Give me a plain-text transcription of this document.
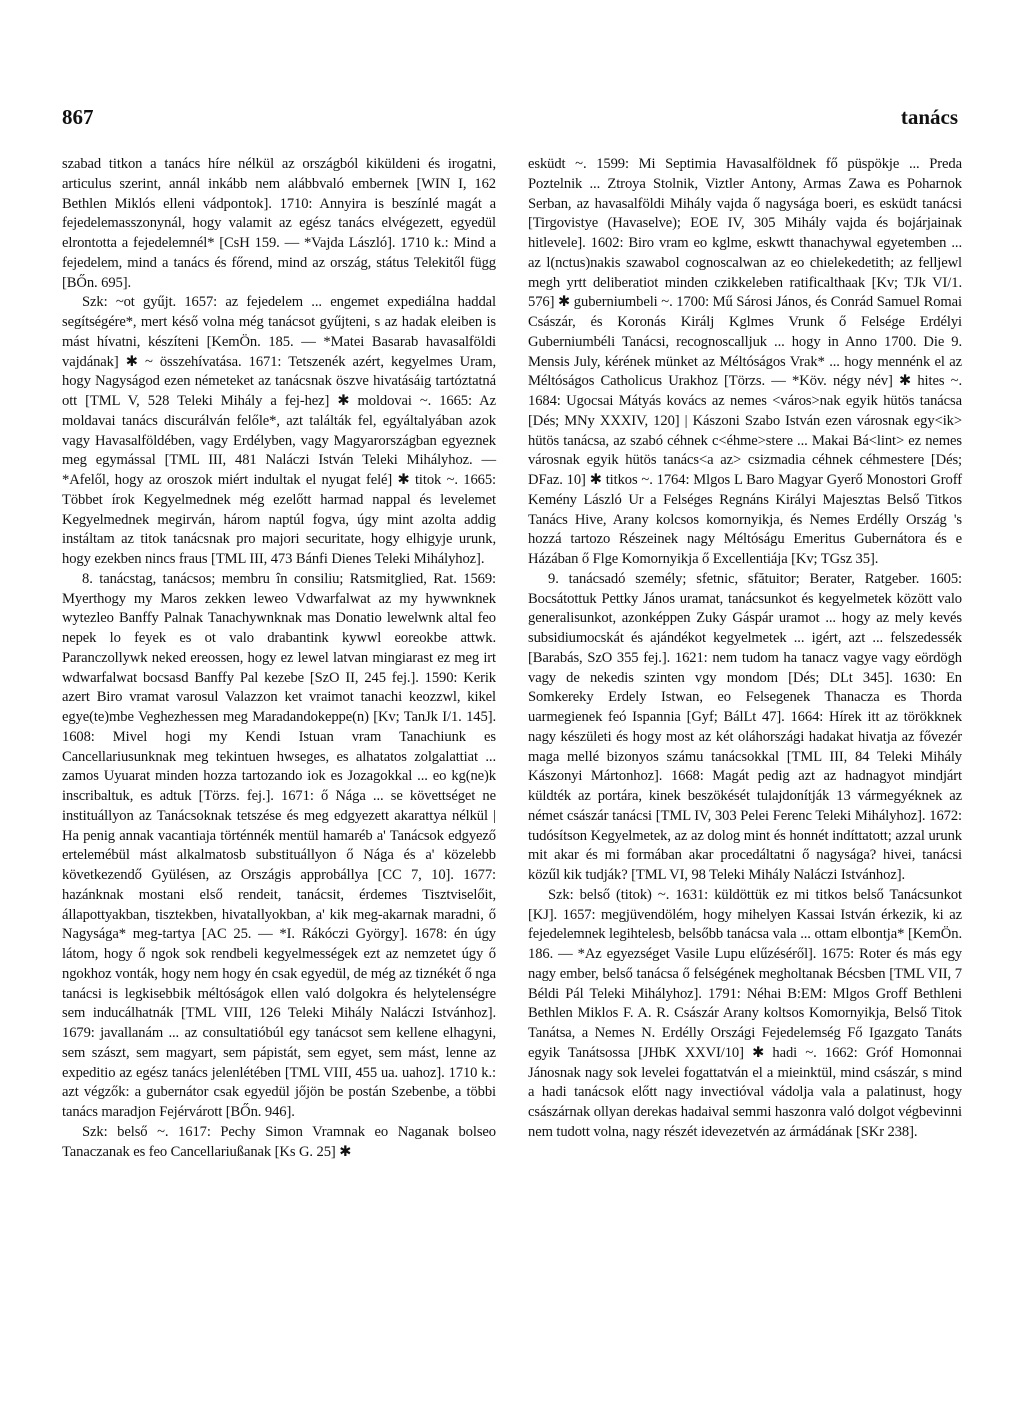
867	tanács

szabad titkon a tanács híre nélkül az országból kiküldeni és irogatni, articulus szerint, annál inkább nem alábbvaló embernek [WIN I, 162 Bethlen Miklós elleni vádpontok]. 1710: Annyira is beszínlé magát a fejedelemasszonynál, hogy valamit az egész tanács elvégezett, egyedül elrontotta a fejedelemnél* [CsH 159. — *Vajda László]. 1710 k.: Mind a fejedelem, mind a tanács és főrend, mind az ország, státus Telekitől függ [BŐn. 695].

Szk: ~ot gyűjt. 1657: az fejedelem ... engemet expediálna haddal segítségére*, mert késő volna még tanácsot gyűjteni, s az hadak eleiben is mást hívatni, készíteni [KemÖn. 185. — *Matei Basarab havasalföldi vajdának] ✱ ~ összehívatása. 1671: Tetszenék azért, kegyelmes Uram, hogy Nagyságod ezen németeket az tanácsnak öszve hivatásáig tartóztatná ott [TML V, 528 Teleki Mihály a fej-hez] ✱ moldovai ~. 1665: Az moldavai tanács discurálván felőle*, azt találták fel, egyáltalyában azok vagy Havasalföldében, vagy Erdélyben, vagy Magyarországban egyeznek meg egymással [TML III, 481 Naláczi István Teleki Mihályhoz. — *Afelől, hogy az oroszok miért indultak el nyugat felé] ✱ titok ~. 1665: Többet írok Kegyelmednek még ezelőtt harmad nappal és levelemet Kegyelmednek megirván, három naptúl fogva, úgy mint azolta addig instáltam az titok tanácsnak pro majori securitate, hogy elhigyje urunk, hogy ezekben nincs fraus [TML III, 473 Bánfi Dienes Teleki Mihályhoz].

8. tanácstag, tanácsos; membru în consiliu; Ratsmitglied, Rat. 1569: Myerthogy my Maros zekken leweo Vdwarfalwat az my hywwnknek wytezleo Banffy Palnak Tanachywnknak mas Donatio lewelwnk altal feo nepek lo feyek es ot valo drabantink kywwl eoreokbe attwk. Paranczollywk neked ereossen, hogy ez lewel latvan mingiarast ez meg irt wdwarfalwat bocsasd Banffy Pal kezebe [SzO II, 245 fej.]. 1590: Kerik azert Biro vramat varosul Valazzon ket vraimot tanachi keozzwl, kikel egye(te)mbe Veghezhessen meg Maradandokeppe(n) [Kv; TanJk I/1. 145]. 1608: Mivel hogi my Kendi Istuan vram Tanachiunk es Cancellariusunknak meg tekintuen hwseges, es alhatatos zolgalattiat ... zamos Uyuarat minden hozza tartozando iok es Jozagokkal ... eo kg(ne)k inscribaltuk, es adtuk [Törzs. fej.]. 1671: ő Nága ... se követtséget ne instituállyon az Tanácsoknak tetszése és meg edgyezett akarattya nélkül | Ha penig annak vacantiaja történnék mentül hamaréb a' Tanácsok edgyező ertelemébül mást alkalmatosb substituállyon ő Nága és a' közelebb következendő Gyülésen, az Országis approbállya [CC 7, 10]. 1677: hazánknak mostani első rendeit, tanácsit, érdemes Tisztviselőit, állapottyakban, tisztekben, hivatallyokban, a' kik meg-akarnak maradni, ő Nagysága* meg-tartya [AC 25. — *I. Rákóczi György]. 1678: én úgy látom, hogy ő ngok sok rendbeli kegyelmességek ezt az nemzetet úgy ő ngokhoz vonták, hogy nem hogy én csak egyedül, de még az tiznékét ő nga tanácsi is legkisebbik méltóságok ellen való dolgokra és helytelenségre sem inducálhatnák [TML VIII, 126 Teleki Mihály Naláczi Istvánhoz]. 1679: javallanám ... az consultatióbúl egy tanácsot sem kellene elhagyni, sem szászt, sem magyart, sem pápistát, sem egyet, sem mást, lenne az expeditio az egész tanács jelenlétében [TML VIII, 455 ua. uahoz]. 1710 k.: azt végzők: a gubernátor csak egyedül jőjön be postán Szebenbe, a többi tanács maradjon Fejérvárott [BŐn. 946].

Szk: belső ~. 1617: Pechy Simon Vramnak eo Naganak bolseo Tanaczanak es feo Cancellariußanak [Ks G. 25] ✱

esküdt ~. 1599: Mi Septimia Havasalföldnek fő püspökje ... Preda Poztelnik ... Ztroya Stolnik, Viztler Antony, Armas Zawa es Poharnok Serban, az havasalföldi Mihály vajda ő nagysága boeri, es esküdt tanácsi [Tirgovistye (Havaselve); EOE IV, 305 Mihály vajda és bojárjainak hitlevele]. 1602: Biro vram eo kglme, eskwtt thanachywal egyetemben ... az l(nctus)nakis szawabol cognoscalwan az eo chielekedetith; az felljewl megh yrtt deliberatiot minden czikkeleben ratificalthaak [Kv; TJk VI/1. 576] ✱ guberniumbeli ~. 1700: Mű Sárosi János, és Conrád Samuel Romai Császár, és Koronás Királj Kglmes Vrunk ő Felsége Erdélyi Guberniumbéli Tanácsi, recognoscalljuk ... hogy in Anno 1700. Die 9. Mensis July, kérének münket az Méltóságos Vrak* ... hogy mennénk el az Méltóságos Catholicus Urakhoz [Törzs. — *Köv. négy név] ✱ hites ~. 1684: Ugocsai Mátyás kovács az nemes <város>nak egyik hütös tanácsa [Dés; MNy XXXIV, 120] | Kászoni Szabo István ezen városnak egy<ik> hütös tanácsa, az szabó céhnek c<éhme>stere ... Makai Bá<lint> ez nemes városnak egyik hütös tanács<a az> csizmadia céhnek céhmestere [Dés; DFaz. 10] ✱ titkos ~. 1764: Mlgos L Baro Magyar Gyerő Monostori Groff Kemény László Ur a Felséges Regnáns Királyi Majesztas Belső Titkos Tanács Hive, Arany kolcsos komornyikja, és Nemes Erdélly Ország 's hozzá tartozo Részeinek nagy Méltóságu Emeritus Gubernátora és e Házában ő Flge Komornyikja ő Excellentiája [Kv; TGsz 35].

9. tanácsadó személy; sfetnic, sfătuitor; Berater, Ratgeber. 1605: Bocsátottuk Pettky János uramat, tanácsunkot és kegyelmetek között valo generalisunkot, azonképpen Zuky Gáspár uramot ... hogy az mely kevés subsidiumocskát és ajándékot kegyelmetek ... igért, azt ... felszedessék [Barabás, SzO 355 fej.]. 1621: nem tudom ha tanacz vagye vagy eördögh vagy de nekedis szinten vgy mondom [Dés; DLt 345]. 1630: En Somkereky Erdely Istwan, eo Felsegenek Thanacza es Thorda uarmegienek feó Ispannia [Gyf; BálLt 47]. 1664: Hírek itt az törökknek nagy készületi és hogy most az két oláhországi hadakat hivatja az fővezér maga mellé bizonyos számu tanácsokkal [TML III, 84 Teleki Mihály Kászonyi Mártonhoz]. 1668: Magát pedig azt az hadnagyot mindjárt küldték az portára, kinek beszökését tulajdonítják 13 vármegyéknek az német császár tanácsi [TML IV, 303 Pelei Ferenc Teleki Mihályhoz]. 1672: tudósítson Kegyelmetek, az az dolog mint és honnét indíttatott; azzal urunk mit akar és mi formában akar procedáltatni ő nagysága? hivei, tanácsi közűl kik tudják? [TML VI, 98 Teleki Mihály Naláczi Istvánhoz].

Szk: belső (titok) ~. 1631: küldöttük ez mi titkos belső Tanácsunkot [KJ]. 1657: megjüvendölém, hogy mihelyen Kassai István érkezik, ki az fejedelemnek legihtelesb, belsőbb tanácsa vala ... ottam elbontja* [KemÖn. 186. — *Az egyezséget Vasile Lupu elűzéséről]. 1675: Roter és más egy nagy ember, belső tanácsa ő felségének megholtanak Bécsben [TML VII, 7 Béldi Pál Teleki Mihályhoz]. 1791: Néhai B:EM: Mlgos Groff Bethleni Bethlen Miklos F. A. R. Császár Arany koltsos Komornyikja, Belső Titok Tanátsa, a Nemes N. Erdélly Országi Fejedelemség Fő Igazgato Tanáts egyik Tanátsossa [JHbK XXVI/10] ✱ hadi ~. 1662: Gróf Homonnai Jánosnak nagy sok levelei fogattatván el a mieinktül, mind császár, s mind a hadi tanácsok előtt nagy invectióval vádolja vala a palatinust, hogy császárnak ollyan derekas hadaival semmi haszonra való dolgot végbevinni nem tudott volna, nagy részét idevezetvén az ármádának [SKr 238].
